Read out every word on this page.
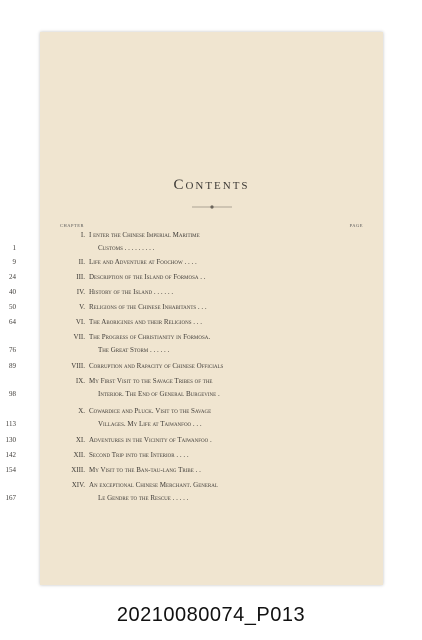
Contents
CHAPTER	PAGE
I. I enter the Chinese Imperial Maritime
Customs . . . . . . . . .
1
II. Life and Adventure at Foochow . . . .
9
III. Description of the Island of Formosa . .
24
IV. History of the Island . . . . . .
40
V. Religions of the Chinese Inhabitants . . .
50
VI. The Aborigines and their Religions . . .
64
VII. The Progress of Christianity in Formosa.
The Great Storm . . . . . .
76
VIII. Corruption and Rapacity of Chinese Officials
89
IX. My First Visit to the Savage Tribes of the
Interior. The End of General Burgevine .
98
X. Cowardice and Pluck. Visit to the Savage
Villages. My Life at Taiwanfoo . . .
113
XI. Adventures in the Vicinity of Taiwanfoo .
130
XII. Second Trip into the Interior . . . .
142
XIII. My Visit to the Ban-tau-lang Tribe . .
154
XIV. An exceptional Chinese Merchant. General
Le Gendre to the Rescue . . . . .
167
20210080074_P013
